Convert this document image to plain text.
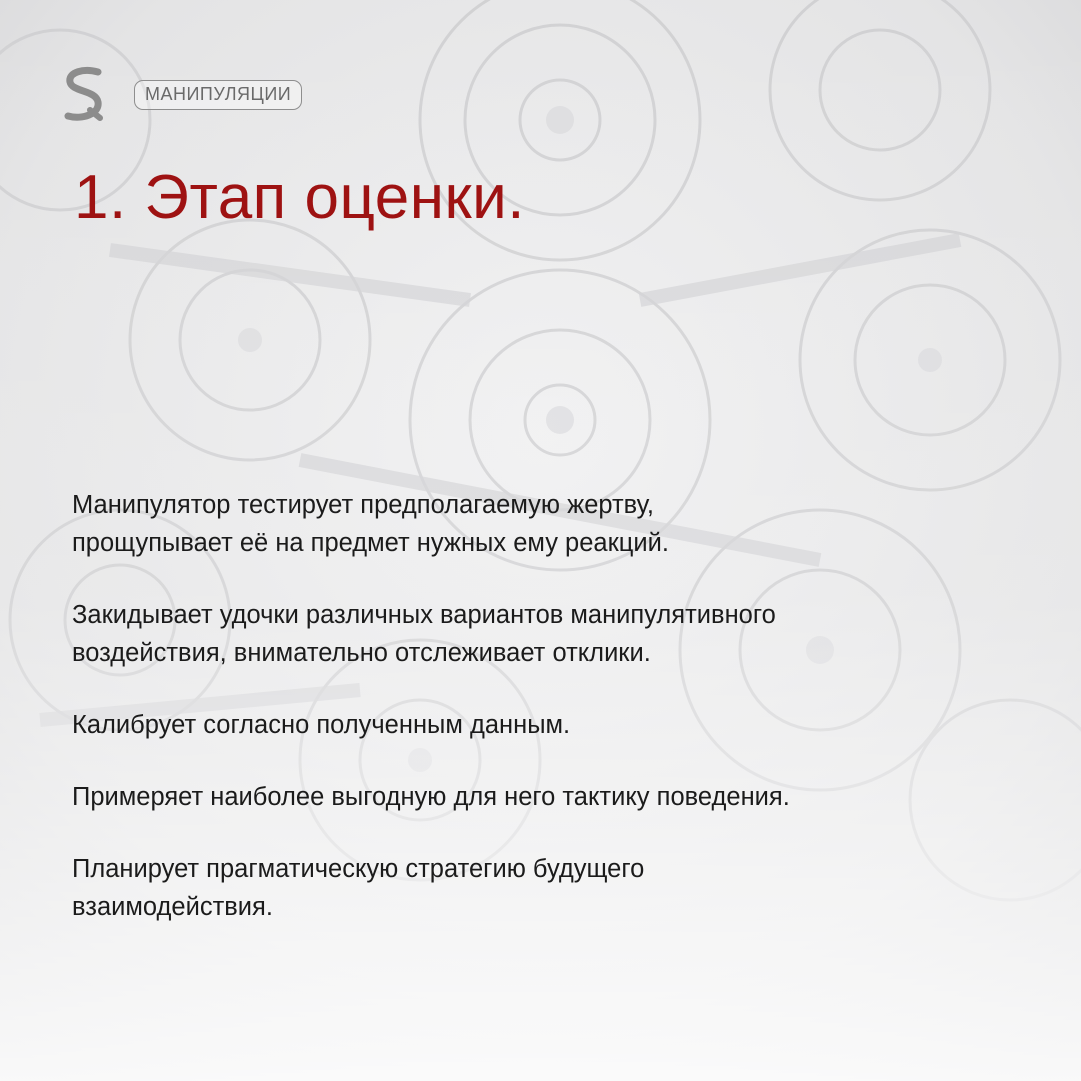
МАНИПУЛЯЦИИ
1. Этап оценки.

Манипулятор тестирует предполагаемую жертву,
прощупывает её на предмет нужных ему реакций.

Закидывает удочки различных вариантов манипулятивного
воздействия, внимательно отслеживает отклики.

Калибрует согласно полученным данным.

Примеряет наиболее выгодную для него тактику поведения.

Планирует прагматическую стратегию будущего
взаимодействия.
